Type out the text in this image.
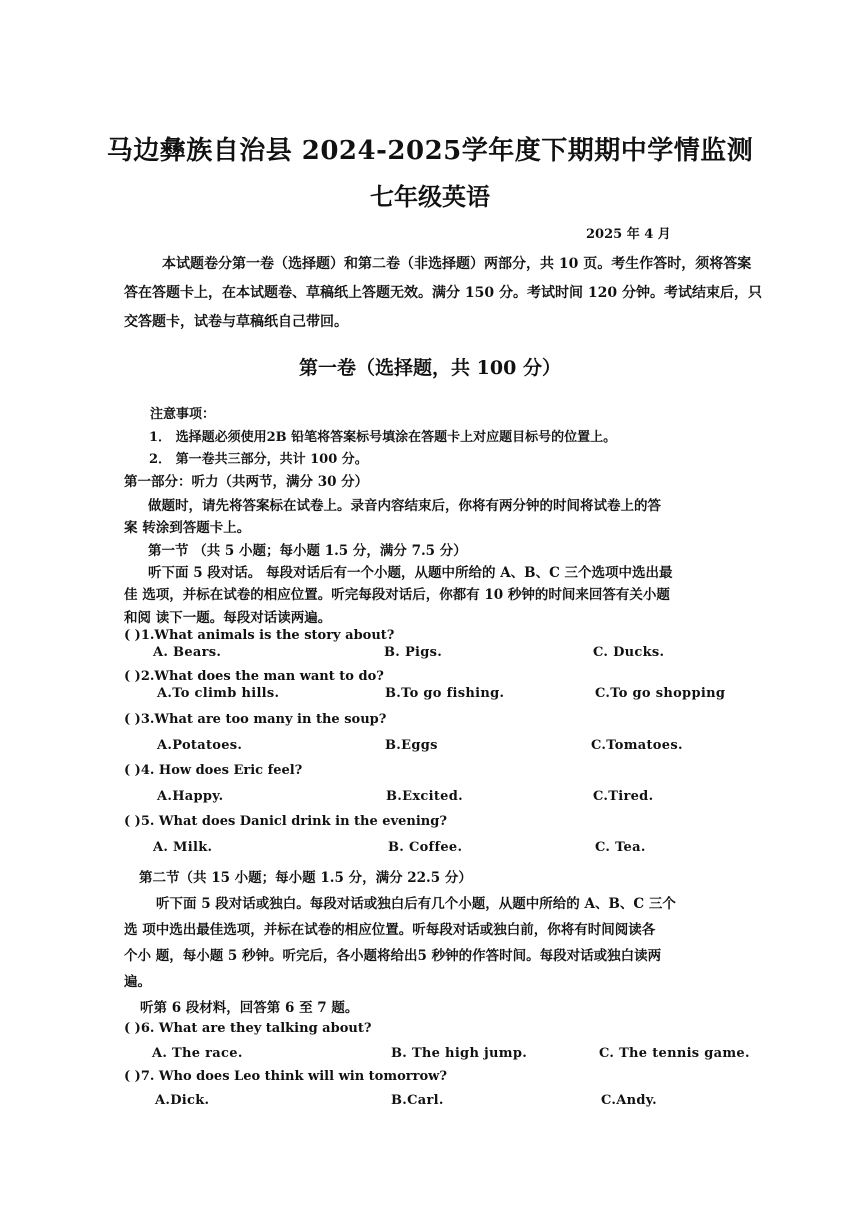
马边彝族自治县 2024-2025学年度下期期中学情监测
七年级英语
2025 年 4 月
本试题卷分第一卷（选择题）和第二卷（非选择题）两部分，共 10 页。考生作答时，须将答案答在答题卡上，在本试题卷、草稿纸上答题无效。满分 150 分。考试时间 120 分钟。考试结束后，只交答题卡，试卷与草稿纸自己带回。
第一卷（选择题，共 100 分）
注意事项：
1． 选择题必须使用2B 铅笔将答案标号填涂在答题卡上对应题目标号的位置上。
2． 第一卷共三部分，共计 100 分。
第一部分：听力（共两节，满分 30 分）
做题时，请先将答案标在试卷上。录音内容结束后，你将有两分钟的时间将试卷上的答
案 转涂到答题卡上。
第一节 （共 5 小题；每小题 1.5 分，满分 7.5 分）
听下面 5 段对话。 每段对话后有一个小题，从题中所给的 A、B、C 三个选项中选出最
佳 选项，并标在试卷的相应位置。听完每段对话后，你都有 10 秒钟的时间来回答有关小题
和阅 读下一题。每段对话读两遍。
( )1.What animals is the story about?
A. Bears.	B. Pigs.	C. Ducks.
( )2.What does the man want to do?
A.To climb hills.	B.To go fishing.	C.To go shopping
( )3.What are too many in the soup?
A.Potatoes.	B.Eggs	C.Tomatoes.
( )4. How does Eric feel?
A.Happy.	B.Excited.	C.Tired.
( )5. What does Danicl drink in the evening?
A. Milk.	B. Coffee.	C. Tea.
第二节（共 15 小题；每小题 1.5 分，满分 22.5 分）
听下面 5 段对话或独白。每段对话或独白后有几个小题，从题中所给的 A、B、C 三个
选 项中选出最佳选项，并标在试卷的相应位置。听每段对话或独白前，你将有时间阅读各
个小 题，每小题 5 秒钟。听完后，各小题将给出5 秒钟的作答时间。每段对话或独白读两
遍。
听第 6 段材料，回答第 6 至 7 题。
( )6. What are they talking about?
A. The race.	B. The high jump.	C. The tennis game.
( )7. Who does Leo think will win tomorrow?
A.Dick.	B.Carl.	C.Andy.
